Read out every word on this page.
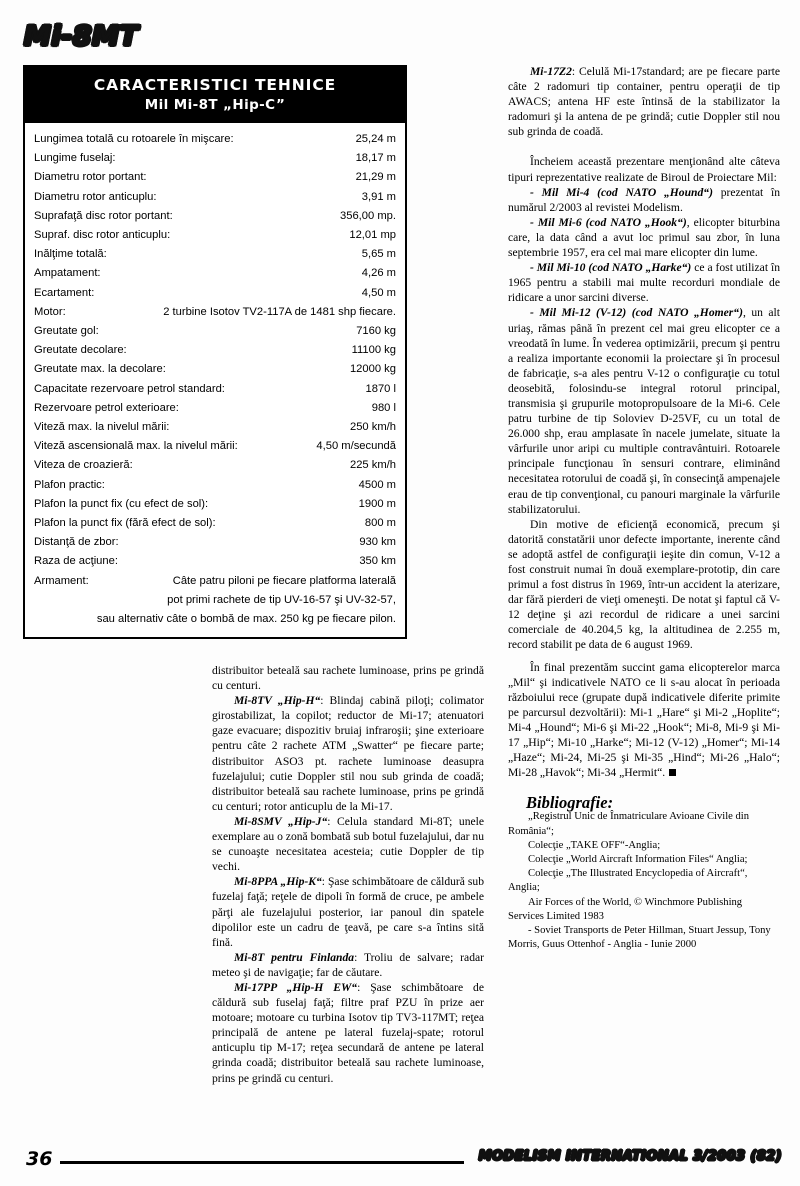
Mi-8MT
CARACTERISTICI TEHNICE
Mil Mi-8T „Hip-C”
Lungimea totală cu rotoarele în mişcare:	25,24 m
Lungime fuselaj:	18,17 m
Diametru rotor portant:	21,29 m
Diametru rotor anticuplu:	3,91 m
Suprafaţă disc rotor portant:	356,00 mp.
Supraf. disc rotor anticuplu:	12,01 mp
Inălţime totală:	5,65 m
Ampatament:	4,26 m
Ecartament:	4,50 m
Motor:	2 turbine Isotov TV2-117A de 1481 shp fiecare.
Greutate gol:	7160 kg
Greutate decolare:	11100 kg
Greutate max. la decolare:	12000 kg
Capacitate rezervoare petrol standard:	1870 l
Rezervoare petrol exterioare:	980 l
Viteză max. la nivelul mării:	250 km/h
Viteză ascensională max. la nivelul mării:	4,50 m/secundă
Viteza de croazieră:	225 km/h
Plafon practic:	4500 m
Plafon la punct fix (cu efect de sol):	1900 m
Plafon la punct fix (fără efect de sol):	800 m
Distanţă de zbor:	930 km
Raza de acţiune:	350 km
Armament:	Câte patru piloni pe fiecare platforma laterală
pot primi rachete de tip UV-16-57 şi UV-32-57,
sau alternativ câte o bombă de max. 250 kg pe fiecare pilon.

distribuitor beteală sau rachete luminoase, prins pe grindă cu centuri.

Mi-8TV „Hip-H“: Blindaj cabină piloţi; colimator girostabilizat, la copilot; reductor de Mi-17; atenuatori gaze evacuare; dispozitiv bruiaj infraroşii; şine exterioare pentru câte 2 rachete ATM „Swatter“ pe fiecare parte; distribuitor ASO3 pt. rachete luminoase deasupra fuzelajului; cutie Doppler stil nou sub grinda de coadă; distribuitor beteală sau rachete luminoase, prins pe grindă cu centuri; rotor anticuplu de la Mi-17.

Mi-8SMV „Hip-J“: Celula standard Mi-8T; unele exemplare au o zonă bombată sub botul fuzelajului, dar nu se cunoaşte necesitatea acesteia; cutie Doppler de tip vechi.

Mi-8PPA „Hip-K“: Şase schimbătoare de căldură sub fuzelaj faţă; reţele de dipoli în formă de cruce, pe ambele părţi ale fuzelajului posterior, iar panoul din spatele dipolilor este un cadru de ţeavă, pe care s-a întins sită fină.

Mi-8T pentru Finlanda: Troliu de salvare; radar meteo şi de navigaţie; far de căutare.

Mi-17PP „Hip-H EW“: Şase schimbătoare de căldură sub fuselaj faţă; filtre praf PZU în prize aer motoare; motoare cu turbina Isotov tip TV3-117MT; reţea principală de antene pe lateral fuzelaj-spate; rotorul anticuplu tip M-17; reţea secundară de antene pe lateral grinda coadă; distribuitor beteală sau rachete luminoase, prins pe grindă cu centuri.

Mi-17Z2: Celulă Mi-17standard; are pe fiecare parte câte 2 radomuri tip container, pentru operaţii de tip AWACS; antena HF este întinsă de la stabilizator la radomuri şi la antena de pe grindă; cutie Doppler stil nou sub grinda de coadă.

Încheiem această prezentare menţionând alte câteva tipuri reprezentative realizate de Biroul de Proiectare Mil:

- Mil Mi-4 (cod NATO „Hound“) prezentat în numărul 2/2003 al revistei Modelism.

- Mil Mi-6 (cod NATO „Hook“), elicopter biturbina care, la data când a avut loc primul sau zbor, în luna septembrie 1957, era cel mai mare elicopter din lume.

- Mil Mi-10 (cod NATO „Harke“) ce a fost utilizat în 1965 pentru a stabili mai multe recorduri mondiale de ridicare a unor sarcini diverse.

- Mil Mi-12 (V-12) (cod NATO „Homer“), un alt uriaş, rămas până în prezent cel mai greu elicopter ce a vreodată în lume. În vederea optimizării, precum şi pentru a realiza importante economii la proiectare şi în procesul de fabricaţie, s-a ales pentru V-12 o configuraţie cu totul deosebită, folosindu-se integral rotorul principal, transmisia şi grupurile motopropulsoare de la Mi-6. Cele patru turbine de tip Soloviev D-25VF, cu un total de 26.000 shp, erau amplasate în nacele jumelate, situate la vârfurile unor aripi cu multiple contravântuiri. Rotoarele principale funcţionau în sensuri contrare, eliminând necesitatea rotorului de coadă şi, în consecinţă ampenajele erau de tip convenţional, cu panouri marginale la vârfurile stabilizatorului.

Din motive de eficienţă economică, precum şi datorită constatării unor defecte importante, inerente când se adoptă astfel de configuraţii ieşite din comun, V-12 a fost construit numai în două exemplare-prototip, din care primul a fost distrus în 1969, într-un accident la aterizare, dar fără pierderi de vieţi omeneşti. De notat şi faptul că V-12 deţine şi azi recordul de ridicare a unei sarcini comerciale de 40.204,5 kg, la altitudinea de 2.255 m, record stabilit pe data de 6 august 1969.

În final prezentăm succint gama elicopterelor marca „Mil“ şi indicativele NATO ce li s-au alocat în perioada războiului rece (grupate după indicativele diferite primite pe parcursul dezvoltării): Mi-1 „Hare“ şi Mi-2 „Hoplite“; Mi-4 „Hound“; Mi-6 şi Mi-22 „Hook“; Mi-8, Mi-9 şi Mi-17 „Hip“; Mi-10 „Harke“; Mi-12 (V-12) „Homer“; Mi-14 „Haze“; Mi-24, Mi-25 şi Mi-35 „Hind“; Mi-26 „Halo“; Mi-28 „Havok“; Mi-34 „Hermit“.

Bibliografie:

„Registrul Unic de Înmatriculare Avioane Civile din România“;

Colecţie „TAKE OFF“-Anglia;

Colecţie „World Aircraft Information Files“ Anglia;

Colecţie „The Illustrated Encyclopedia of Aircraft“, Anglia;

Air Forces of the World, © Winchmore Publishing Services Limited 1983

- Soviet Transports de Peter Hillman, Stuart Jessup, Tony Morris, Guus Ottenhof - Anglia - Iunie 2000

36	MODELISM INTERNATIONAL 3/2003 (82)
